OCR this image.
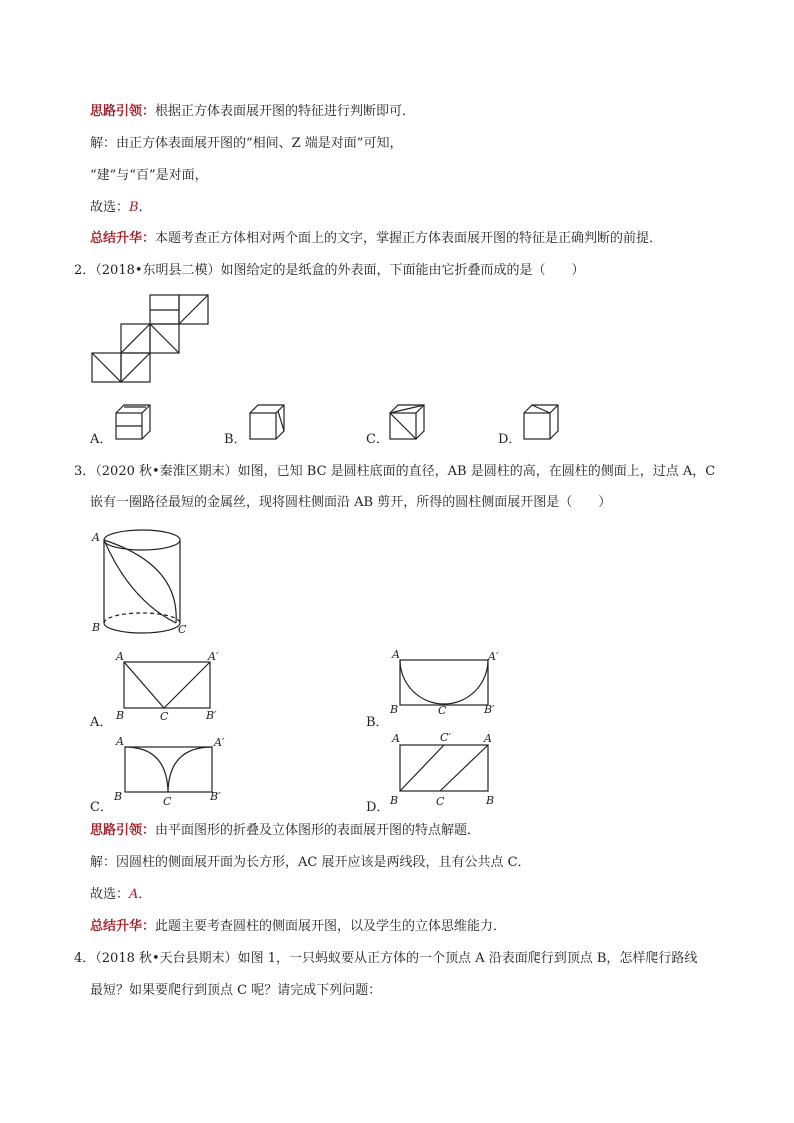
思路引领：根据正方体表面展开图的特征进行判断即可．
解：由正方体表面展开图的“相间、Z 端是对面”可知，
“建”与“百”是对面，
故选：B．
总结升华：本题考查正方体相对两个面上的文字，掌握正方体表面展开图的特征是正确判断的前提．
2．（2018•东明县二模）如图给定的是纸盒的外表面，下面能由它折叠而成的是（　　）
A．	B．	C．	D．
3．（2020 秋•秦淮区期末）如图，已知 BC 是圆柱底面的直径，AB 是圆柱的高，在圆柱的侧面上，过点 A，C
嵌有一圈路径最短的金属丝，现将圆柱侧面沿 AB 剪开，所得的圆柱侧面展开图是（　　）
A
B	C
A．
A	A′
B	C	B′	B．
A	A′
B	C	B′
C．
A	A′
B	C	B′
D．
A	C′	A
B	C	B
思路引领：由平面图形的折叠及立体图形的表面展开图的特点解题．
解：因圆柱的侧面展开面为长方形，AC 展开应该是两线段，且有公共点 C．
故选：A．
总结升华：此题主要考查圆柱的侧面展开图，以及学生的立体思维能力．
4．（2018 秋•天台县期末）如图 1，一只蚂蚁要从正方体的一个顶点 A 沿表面爬行到顶点 B，怎样爬行路线
最短？如果要爬行到顶点 C 呢？请完成下列问题：
